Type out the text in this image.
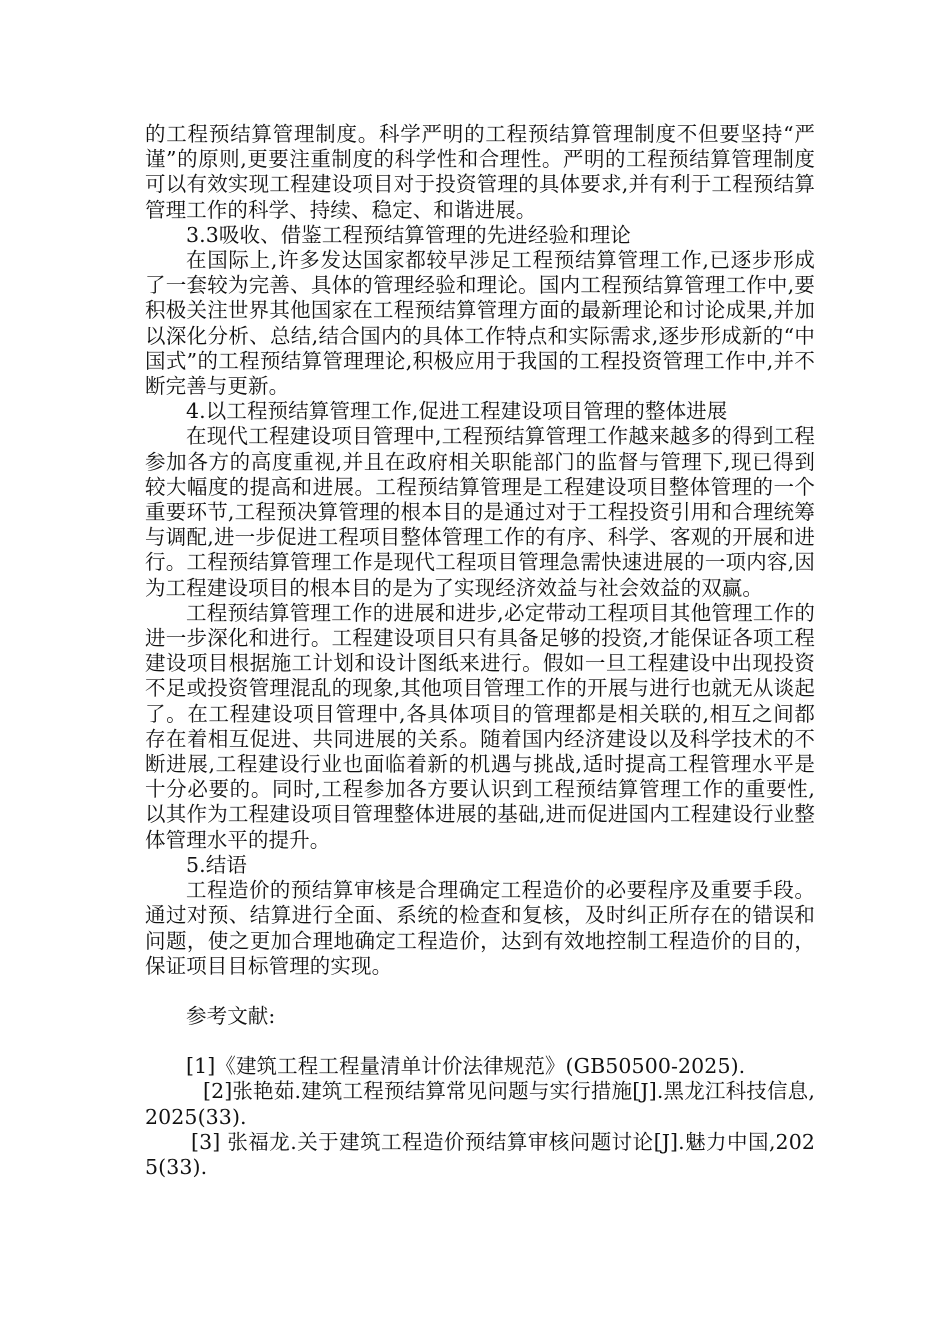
的工程预结算管理制度。科学严明的工程预结算管理制度不但要坚持“严谨”的原则,更要注重制度的科学性和合理性。严明的工程预结算管理制度可以有效实现工程建设项目对于投资管理的具体要求,并有利于工程预结算管理工作的科学、持续、稳定、和谐进展。

3.3吸收、借鉴工程预结算管理的先进经验和理论

在国际上,许多发达国家都较早涉足工程预结算管理工作,已逐步形成了一套较为完善、具体的管理经验和理论。国内工程预结算管理工作中,要积极关注世界其他国家在工程预结算管理方面的最新理论和讨论成果,并加以深化分析、总结,结合国内的具体工作特点和实际需求,逐步形成新的“中国式”的工程预结算管理理论,积极应用于我国的工程投资管理工作中,并不断完善与更新。

4.以工程预结算管理工作,促进工程建设项目管理的整体进展

在现代工程建设项目管理中,工程预结算管理工作越来越多的得到工程参加各方的高度重视,并且在政府相关职能部门的监督与管理下,现已得到较大幅度的提高和进展。工程预结算管理是工程建设项目整体管理的一个重要环节,工程预决算管理的根本目的是通过对于工程投资引用和合理统筹与调配,进一步促进工程项目整体管理工作的有序、科学、客观的开展和进行。工程预结算管理工作是现代工程项目管理急需快速进展的一项内容,因为工程建设项目的根本目的是为了实现经济效益与社会效益的双赢。

工程预结算管理工作的进展和进步,必定带动工程项目其他管理工作的进一步深化和进行。工程建设项目只有具备足够的投资,才能保证各项工程建设项目根据施工计划和设计图纸来进行。假如一旦工程建设中出现投资不足或投资管理混乱的现象,其他项目管理工作的开展与进行也就无从谈起了。在工程建设项目管理中,各具体项目的管理都是相关联的,相互之间都存在着相互促进、共同进展的关系。随着国内经济建设以及科学技术的不断进展,工程建设行业也面临着新的机遇与挑战,适时提高工程管理水平是十分必要的。同时,工程参加各方要认识到工程预结算管理工作的重要性,以其作为工程建设项目管理整体进展的基础,进而促进国内工程建设行业整体管理水平的提升。

5.结语

工程造价的预结算审核是合理确定工程造价的必要程序及重要手段。通过对预、结算进行全面、系统的检查和复核，及时纠正所存在的错误和问题，使之更加合理地确定工程造价，达到有效地控制工程造价的目的，保证项目目标管理的实现。

参考文献:

[1]《建筑工程工程量清单计价法律规范》(GB50500-2025).

[2]张艳茹.建筑工程预结算常见问题与实行措施[J].黑龙江科技信息,2025(33).

[3] 张福龙.关于建筑工程造价预结算审核问题讨论[J].魅力中国,2025(33).
